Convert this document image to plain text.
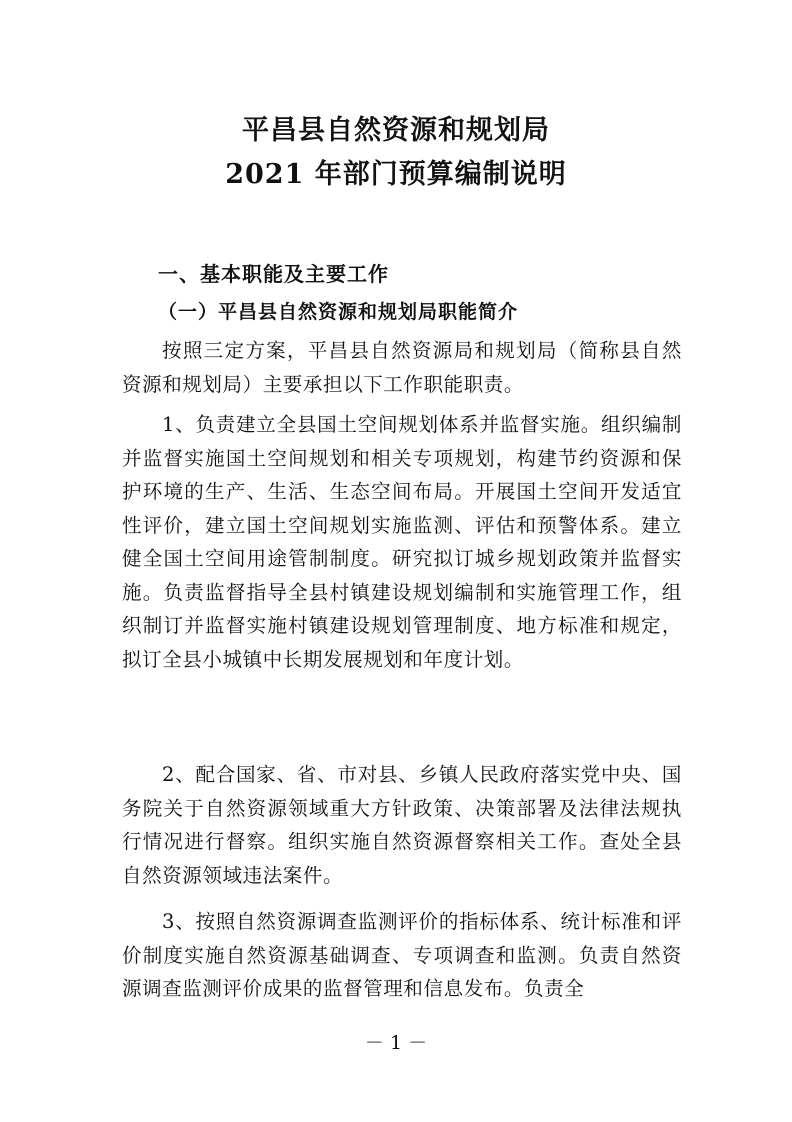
平昌县自然资源和规划局
2021 年部门预算编制说明
一、基本职能及主要工作
（一）平昌县自然资源和规划局职能简介

按照三定方案，平昌县自然资源局和规划局（简称县自然资源和规划局）主要承担以下工作职能职责。

1、负责建立全县国土空间规划体系并监督实施。组织编制并监督实施国土空间规划和相关专项规划，构建节约资源和保护环境的生产、生活、生态空间布局。开展国土空间开发适宜性评价，建立国土空间规划实施监测、评估和预警体系。建立健全国土空间用途管制制度。研究拟订城乡规划政策并监督实施。负责监督指导全县村镇建设规划编制和实施管理工作，组织制订并监督实施村镇建设规划管理制度、地方标准和规定，拟订全县小城镇中长期发展规划和年度计划。

2、配合国家、省、市对县、乡镇人民政府落实党中央、国务院关于自然资源领域重大方针政策、决策部署及法律法规执行情况进行督察。组织实施自然资源督察相关工作。查处全县自然资源领域违法案件。

3、按照自然资源调查监测评价的指标体系、统计标准和评价制度实施自然资源基础调查、专项调查和监测。负责自然资源调查监测评价成果的监督管理和信息发布。负责全

－ 1 －
